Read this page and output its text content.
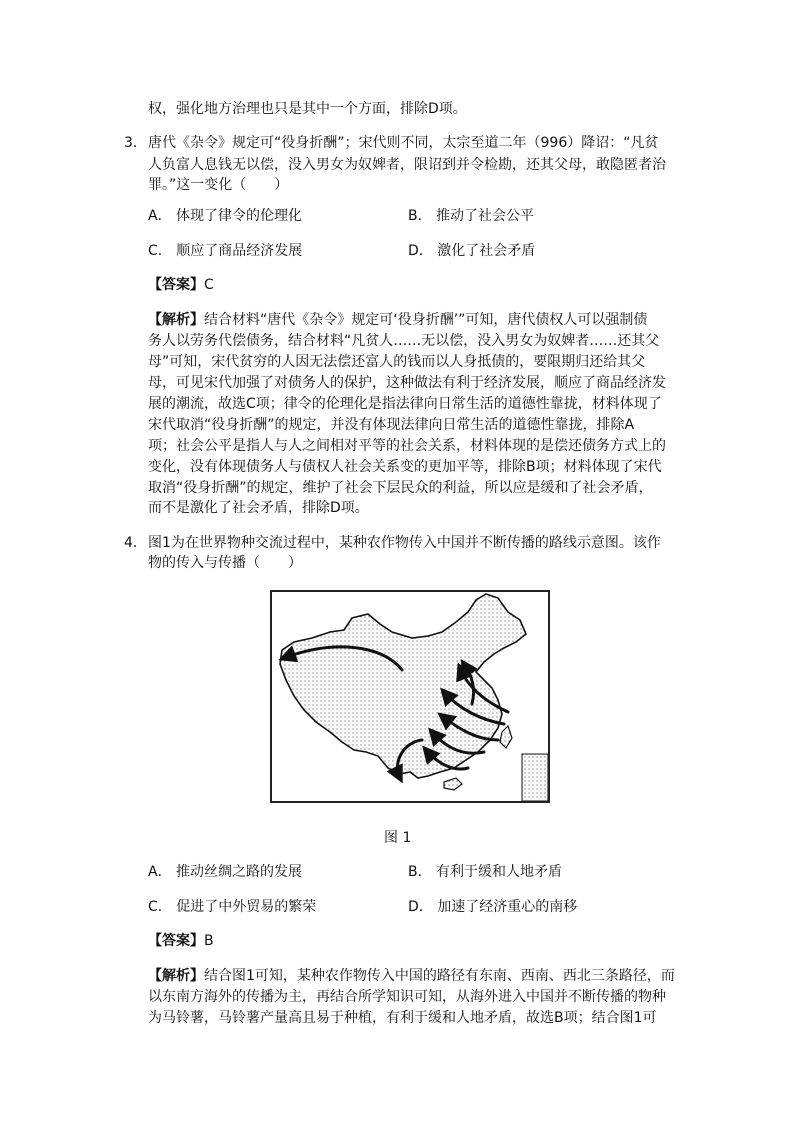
权，强化地方治理也只是其中一个方面，排除D项。
3． 唐代《杂令》规定可“役身折酬”；宋代则不同，太宗至道二年（996）降诏：“凡贫
人负富人息钱无以偿，没入男女为奴婢者，限诏到并令检勘，还其父母，敢隐匿者治
罪。”这一变化（　　）
A． 体现了律令的伦理化	B． 推动了社会公平
C． 顺应了商品经济发展	D． 激化了社会矛盾
【答案】C
【解析】结合材料“唐代《杂令》规定可‘役身折酬’”可知，唐代债权人可以强制债
务人以劳务代偿债务，结合材料“凡贫人……无以偿，没入男女为奴婢者……还其父
母”可知，宋代贫穷的人因无法偿还富人的钱而以人身抵债的，要限期归还给其父
母，可见宋代加强了对债务人的保护，这种做法有利于经济发展，顺应了商品经济发
展的潮流，故选C项；律令的伦理化是指法律向日常生活的道德性靠拢，材料体现了
宋代取消“役身折酬”的规定，并没有体现法律向日常生活的道德性靠拢，排除A
项；社会公平是指人与人之间相对平等的社会关系，材料体现的是偿还债务方式上的
变化，没有体现债务人与债权人社会关系变的更加平等，排除B项；材料体现了宋代
取消“役身折酬”的规定，维护了社会下层民众的利益，所以应是缓和了社会矛盾，
而不是激化了社会矛盾，排除D项。
4． 图1为在世界物种交流过程中，某种农作物传入中国并不断传播的路线示意图。该作
物的传入与传播（　　）
图 1
A． 推动丝绸之路的发展	B． 有利于缓和人地矛盾
C． 促进了中外贸易的繁荣	D． 加速了经济重心的南移
【答案】B
【解析】结合图1可知，某种农作物传入中国的路径有东南、西南、西北三条路径，而
以东南方海外的传播为主，再结合所学知识可知，从海外进入中国并不断传播的物种
为马铃薯，马铃薯产量高且易于种植，有利于缓和人地矛盾，故选B项；结合图1可
